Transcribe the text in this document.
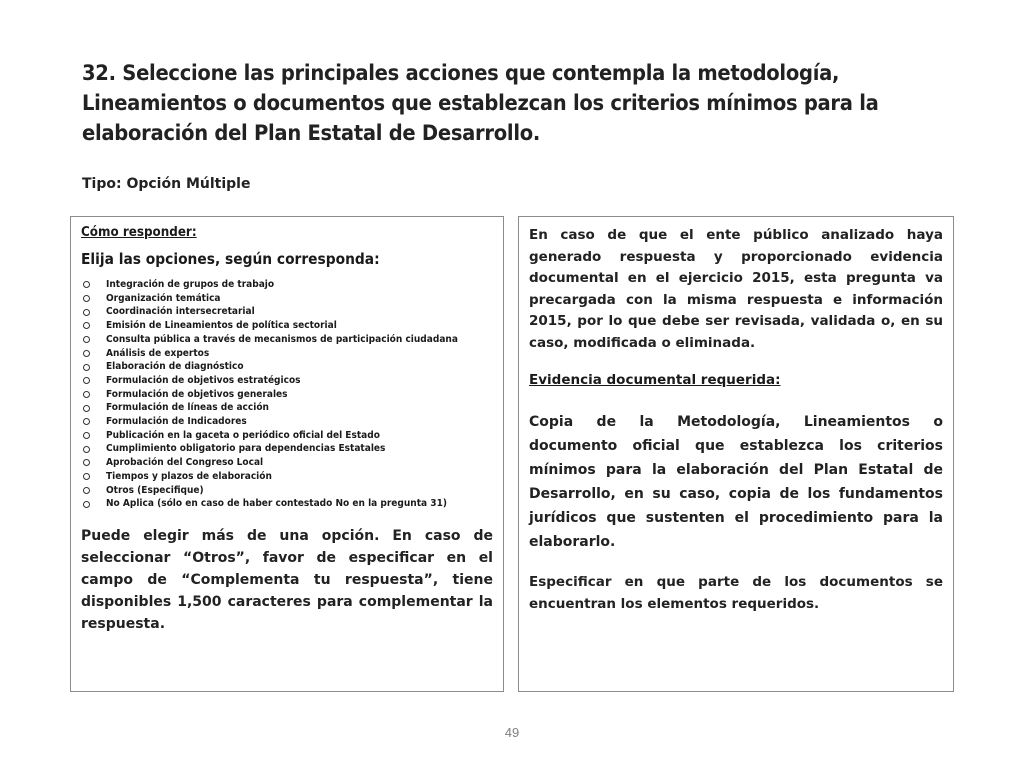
32. Seleccione las principales acciones que contempla la metodología, Lineamientos o documentos que establezcan los criterios mínimos para la elaboración del Plan Estatal de Desarrollo.
Tipo: Opción Múltiple
Cómo responder:
Elija las opciones, según corresponda:
Integración de grupos de trabajo
Organización temática
Coordinación intersecretarial
Emisión de Lineamientos de política sectorial
Consulta pública a través de mecanismos de participación ciudadana
Análisis de expertos
Elaboración de diagnóstico
Formulación de objetivos estratégicos
Formulación de objetivos generales
Formulación de líneas de acción
Formulación de Indicadores
Publicación en la gaceta o periódico oficial del Estado
Cumplimiento obligatorio para dependencias Estatales
Aprobación del Congreso Local
Tiempos y plazos de elaboración
Otros (Especifique)
No Aplica (sólo en caso de haber contestado No en la pregunta 31)
Puede elegir más de una opción. En caso de seleccionar “Otros”, favor de especificar en el campo de “Complementa tu respuesta”, tiene disponibles 1,500 caracteres para complementar la respuesta.
En caso de que el ente público analizado haya generado respuesta y proporcionado evidencia documental en el ejercicio 2015, esta pregunta va precargada con la misma respuesta e información 2015, por lo que debe ser revisada, validada o, en su caso, modificada o eliminada.
Evidencia documental requerida:
Copia de la Metodología, Lineamientos o documento oficial que establezca los criterios mínimos para la elaboración del Plan Estatal de Desarrollo, en su caso, copia de los fundamentos jurídicos que sustenten el procedimiento para la elaborarlo.
Especificar en que parte de los documentos se encuentran los elementos requeridos.
49
